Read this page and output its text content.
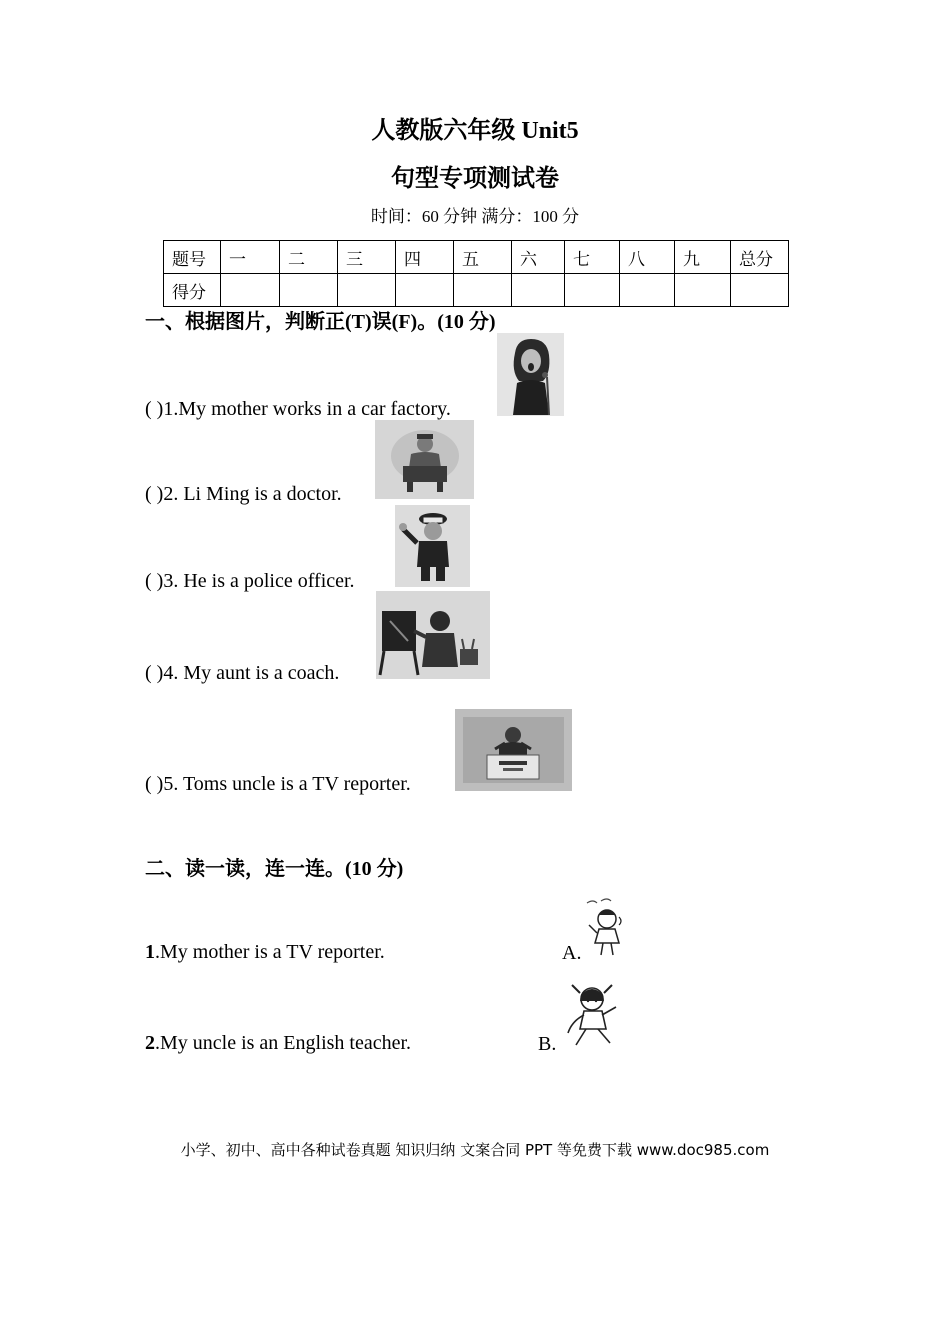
人教版六年级 Unit5
句型专项测试卷
时间：60 分钟 满分：100 分
题号	一	二	三	四	五	六	七	八	九	总分
得分										
一、根据图片，判断正(T)误(F)。(10 分)
( )1.My mother works in a car factory.
( )2. Li Ming is a doctor.
( )3. He is a police officer.
( )4. My aunt is a coach.
( )5. Toms uncle is a TV reporter.
二、读一读，连一连。(10 分)
1.My mother is a TV reporter.	A.
2.My uncle is an English teacher.	B.
小学、初中、高中各种试卷真题 知识归纳 文案合同 PPT 等免费下载 www.doc985.com
